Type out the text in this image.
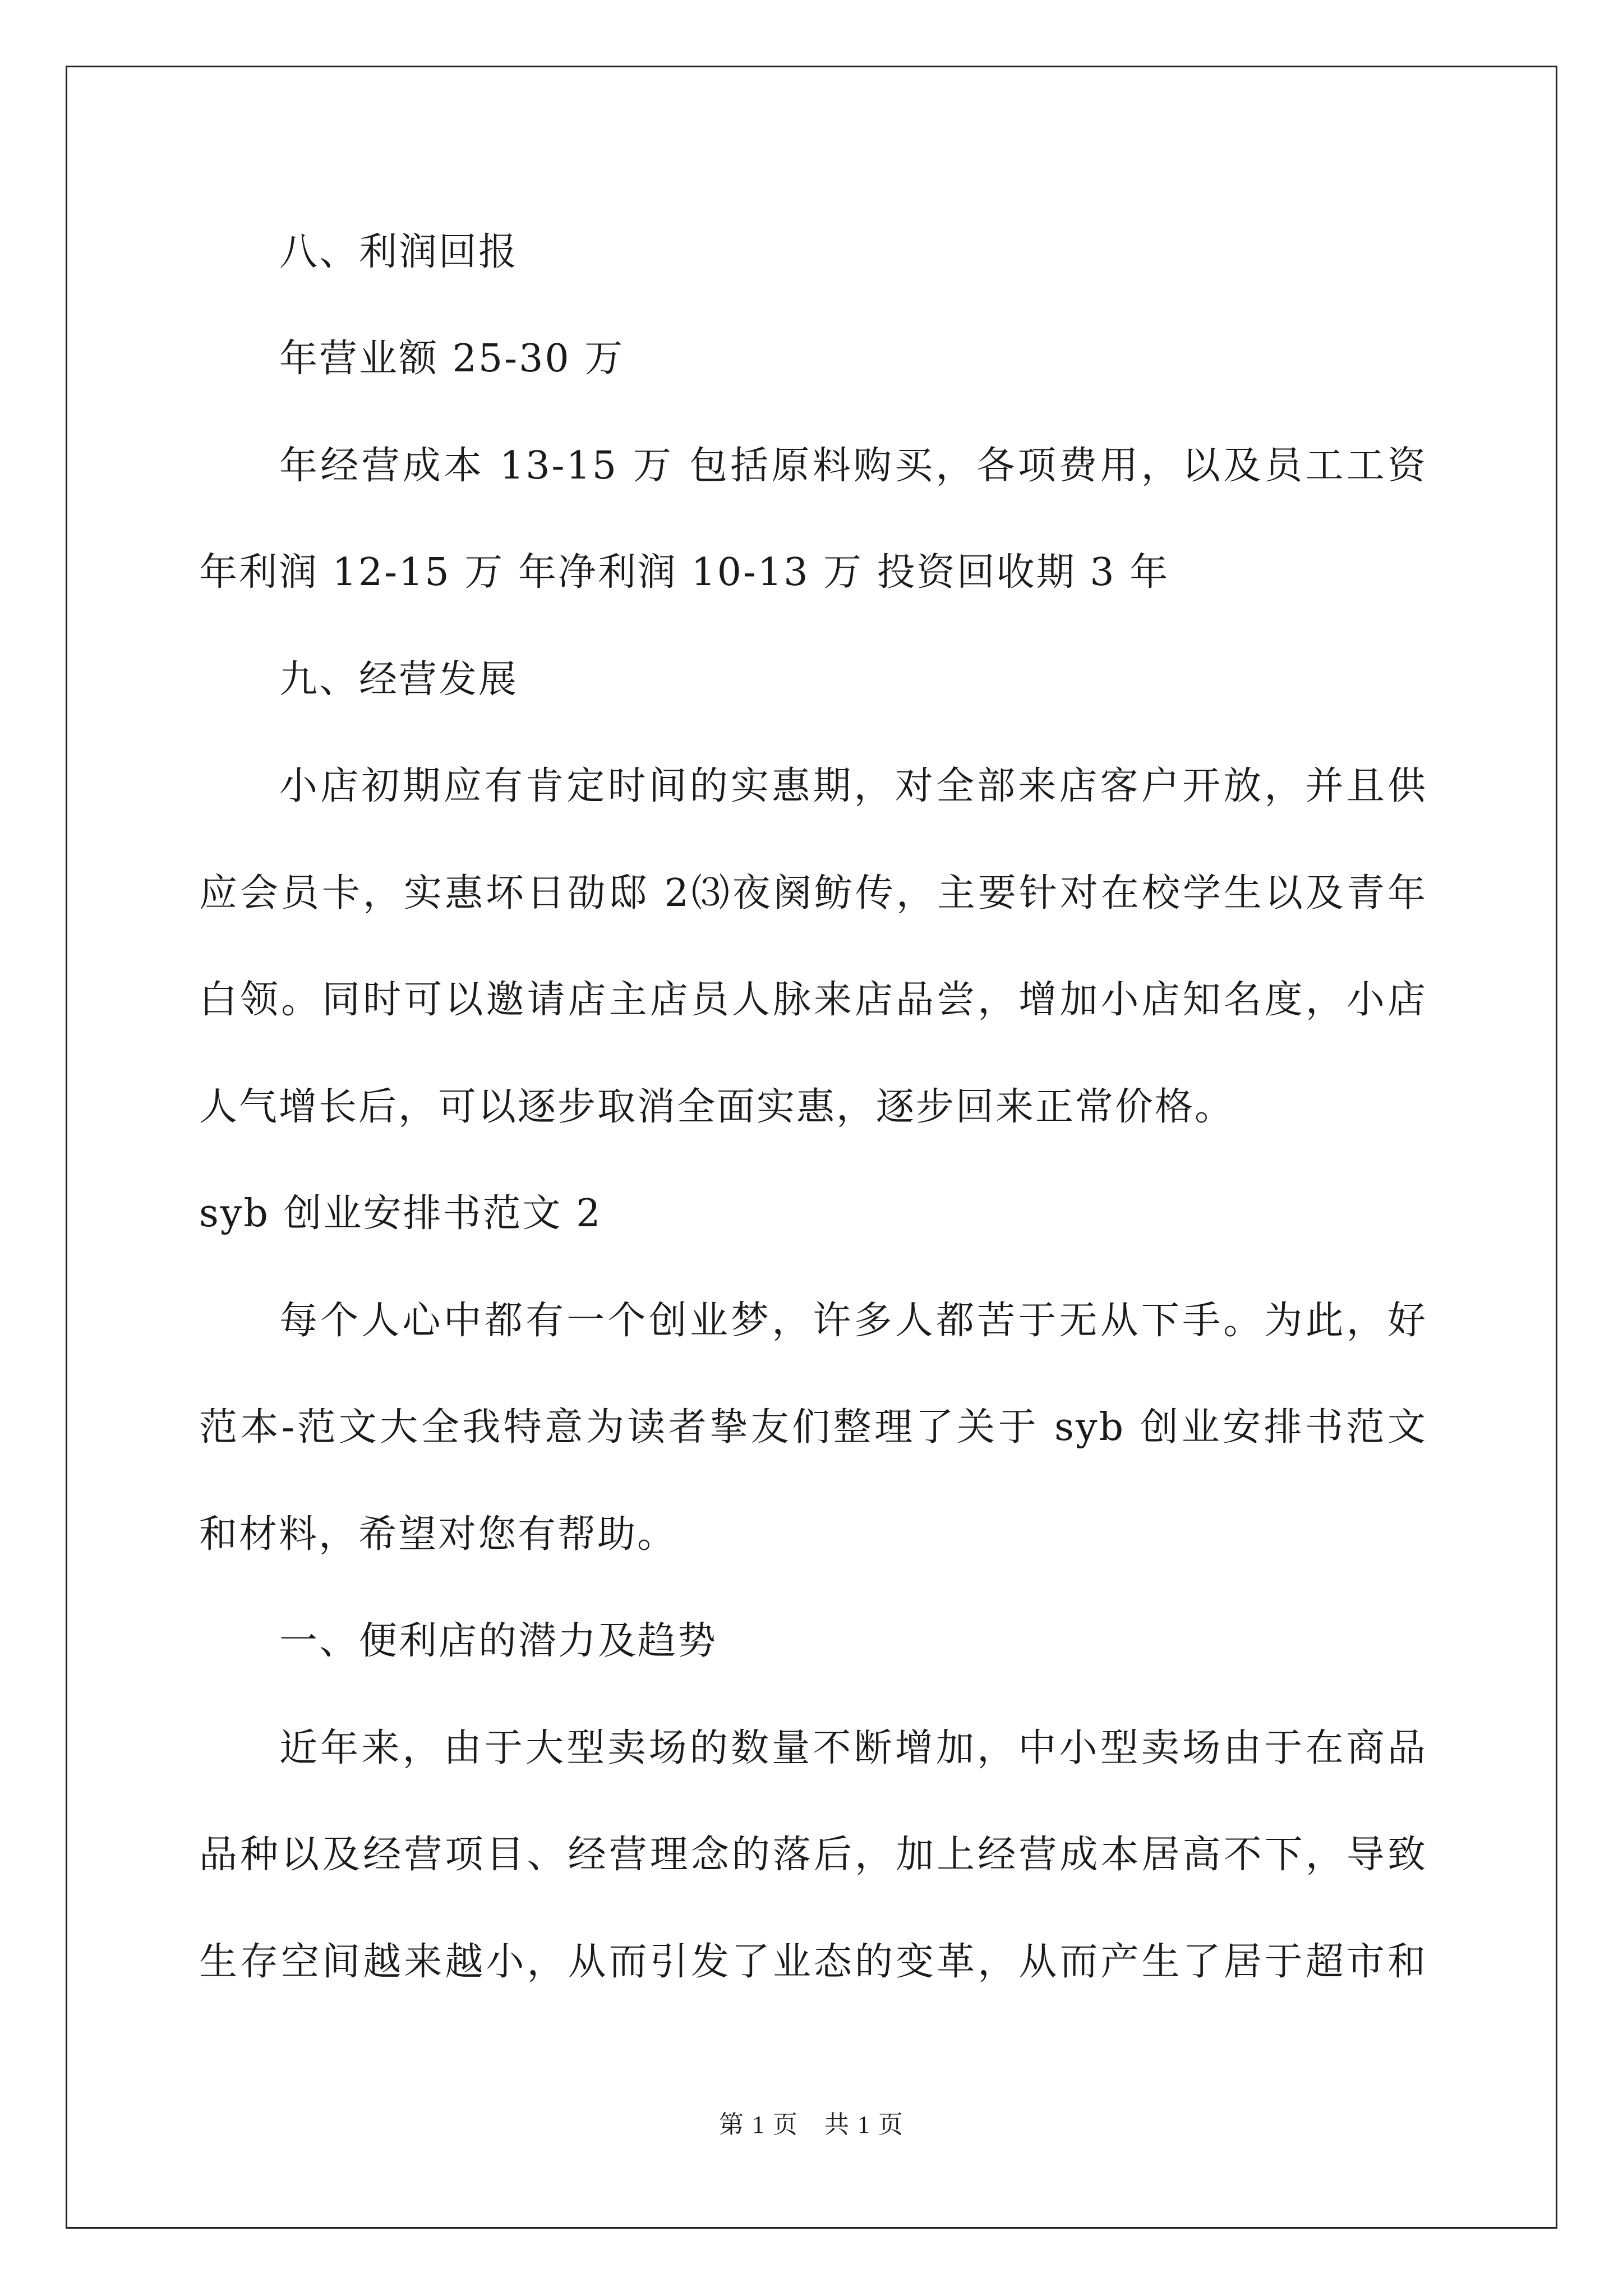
八、利润回报
年营业额 25-30 万
年经营成本 13-15 万 包括原料购买，各项费用，以及员工工资
年利润 12-15 万 年净利润 10-13 万 投资回收期 3 年
九、经营发展
小店初期应有肯定时间的实惠期，对全部来店客户开放，并且供
应会员卡，实惠坏日劭邸 2⑶夜阕鲂传，主要针对在校学生以及青年
白领。同时可以邀请店主店员人脉来店品尝，增加小店知名度，小店
人气增长后，可以逐步取消全面实惠，逐步回来正常价格。
syb 创业安排书范文 2
每个人心中都有一个创业梦，许多人都苦于无从下手。为此，好
范本-范文大全我特意为读者挚友们整理了关于 syb 创业安排书范文
和材料，希望对您有帮助。
一、便利店的潜力及趋势
近年来，由于大型卖场的数量不断增加，中小型卖场由于在商品
品种以及经营项目、经营理念的落后，加上经营成本居高不下，导致
生存空间越来越小，从而引发了业态的变革，从而产生了居于超市和
第 1 页　共 1 页
